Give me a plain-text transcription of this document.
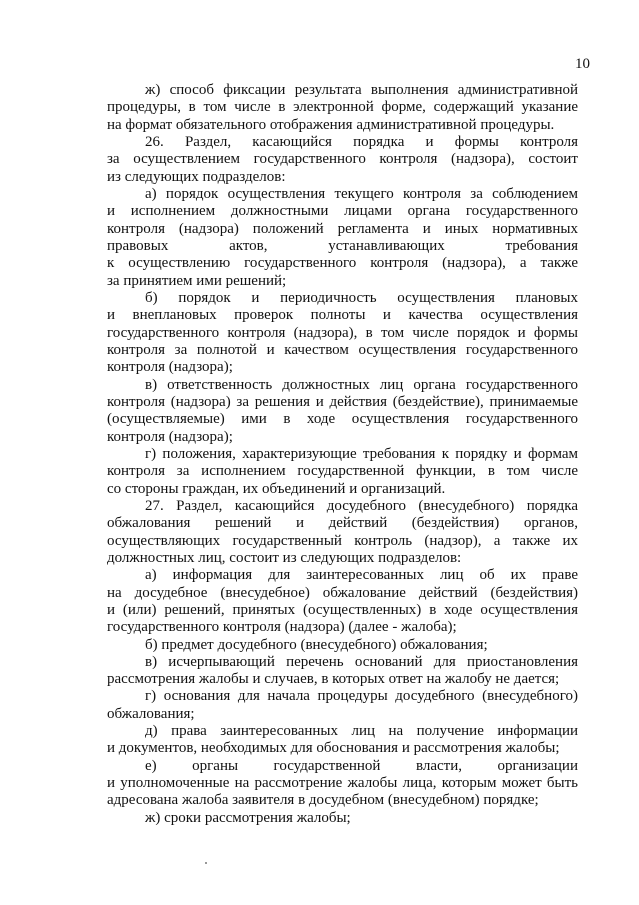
10
ж) способ фиксации результата выполнения административной
процедуры, в том числе в электронной форме, содержащий указание
на формат обязательного отображения административной процедуры.
26. Раздел, касающийся порядка и формы контроля
за осуществлением государственного контроля (надзора), состоит
из следующих подразделов:
а) порядок осуществления текущего контроля за соблюдением
и исполнением должностными лицами органа государственного
контроля (надзора) положений регламента и иных нормативных
правовых актов, устанавливающих требования
к осуществлению государственного контроля (надзора), а также
за принятием ими решений;
б) порядок и периодичность осуществления плановых
и внеплановых проверок полноты и качества осуществления
государственного контроля (надзора), в том числе порядок и формы
контроля за полнотой и качеством осуществления государственного
контроля (надзора);
в) ответственность должностных лиц органа государственного
контроля (надзора) за решения и действия (бездействие), принимаемые
(осуществляемые) ими в ходе осуществления государственного
контроля (надзора);
г) положения, характеризующие требования к порядку и формам
контроля за исполнением государственной функции, в том числе
со стороны граждан, их объединений и организаций.
27. Раздел, касающийся досудебного (внесудебного) порядка
обжалования решений и действий (бездействия) органов,
осуществляющих государственный контроль (надзор), а также их
должностных лиц, состоит из следующих подразделов:
а) информация для заинтересованных лиц об их праве
на досудебное (внесудебное) обжалование действий (бездействия)
и (или) решений, принятых (осуществленных) в ходе осуществления
государственного контроля (надзора) (далее - жалоба);
б) предмет досудебного (внесудебного) обжалования;
в) исчерпывающий перечень оснований для приостановления
рассмотрения жалобы и случаев, в которых ответ на жалобу не дается;
г) основания для начала процедуры досудебного (внесудебного)
обжалования;
д) права заинтересованных лиц на получение информации
и документов, необходимых для обоснования и рассмотрения жалобы;
е) органы государственной власти, организации
и уполномоченные на рассмотрение жалобы лица, которым может быть
адресована жалоба заявителя в досудебном (внесудебном) порядке;
ж) сроки рассмотрения жалобы;
